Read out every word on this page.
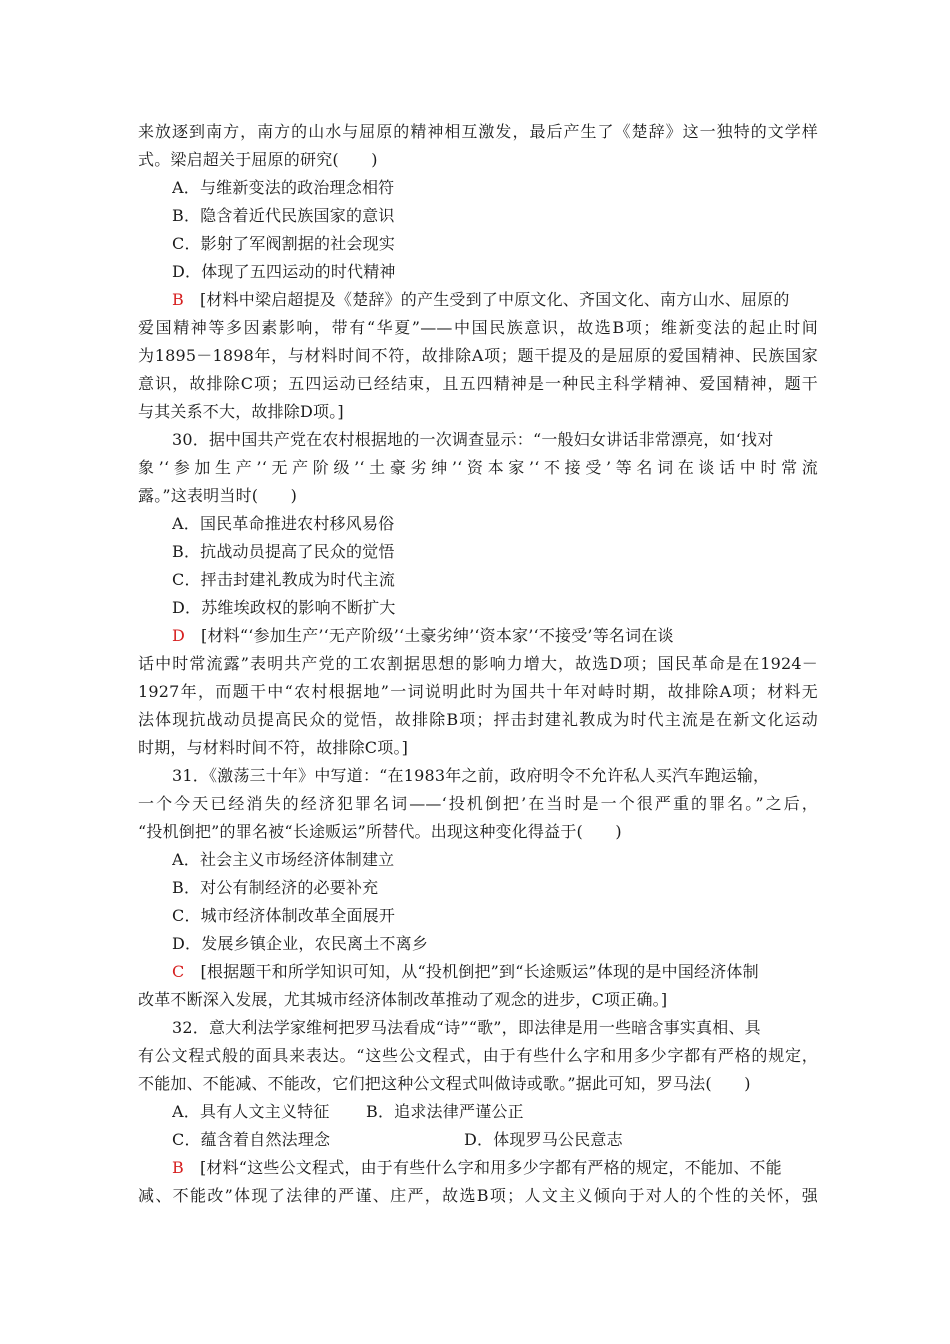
来放逐到南方，南方的山水与屈原的精神相互激发，最后产生了《楚辞》这一独特的文学样
式。梁启超关于屈原的研究(　　)
A．与维新变法的政治理念相符
B．隐含着近代民族国家的意识
C．影射了军阀割据的社会现实
D．体现了五四运动的时代精神
B [材料中梁启超提及《楚辞》的产生受到了中原文化、齐国文化、南方山水、屈原的
爱国精神等多因素影响，带有“华夏”——中国民族意识，故选B项；维新变法的起止时间
为1895－1898年，与材料时间不符，故排除A项；题干提及的是屈原的爱国精神、民族国家
意识，故排除C项；五四运动已经结束，且五四精神是一种民主科学精神、爱国精神，题干
与其关系不大，故排除D项。]
30．据中国共产党在农村根据地的一次调查显示：“一般妇女讲话非常漂亮，如‘找对
象’‘参加生产’‘无产阶级’‘土豪劣绅’‘资本家’‘不接受’等名词在谈话中时常流
露。”这表明当时(　　)
A．国民革命推进农村移风易俗
B．抗战动员提高了民众的觉悟
C．抨击封建礼教成为时代主流
D．苏维埃政权的影响不断扩大
D [材料“‘参加生产’‘无产阶级’‘土豪劣绅’‘资本家’‘不接受’等名词在谈
话中时常流露”表明共产党的工农割据思想的影响力增大，故选D项；国民革命是在1924－
1927年，而题干中“农村根据地”一词说明此时为国共十年对峙时期，故排除A项；材料无
法体现抗战动员提高民众的觉悟，故排除B项；抨击封建礼教成为时代主流是在新文化运动
时期，与材料时间不符，故排除C项。]
31．《激荡三十年》中写道：“在1983年之前，政府明令不允许私人买汽车跑运输，
一个今天已经消失的经济犯罪名词——‘投机倒把’在当时是一个很严重的罪名。”之后，
“投机倒把”的罪名被“长途贩运”所替代。出现这种变化得益于(　　)
A．社会主义市场经济体制建立
B．对公有制经济的必要补充
C．城市经济体制改革全面展开
D．发展乡镇企业，农民离土不离乡
C [根据题干和所学知识可知，从“投机倒把”到“长途贩运”体现的是中国经济体制
改革不断深入发展，尤其城市经济体制改革推动了观念的进步，C项正确。]
32．意大利法学家维柯把罗马法看成“诗”“歌”，即法律是用一些暗含事实真相、具
有公文程式般的面具来表达。“这些公文程式，由于有些什么字和用多少字都有严格的规定，
不能加、不能减、不能改，它们把这种公文程式叫做诗或歌。”据此可知，罗马法(　　)
A．具有人文主义特征 B．追求法律严谨公正
C．蕴含着自然法理念	D．体现罗马公民意志
B [材料“这些公文程式，由于有些什么字和用多少字都有严格的规定，不能加、不能
减、不能改”体现了法律的严谨、庄严，故选B项；人文主义倾向于对人的个性的关怀，强
